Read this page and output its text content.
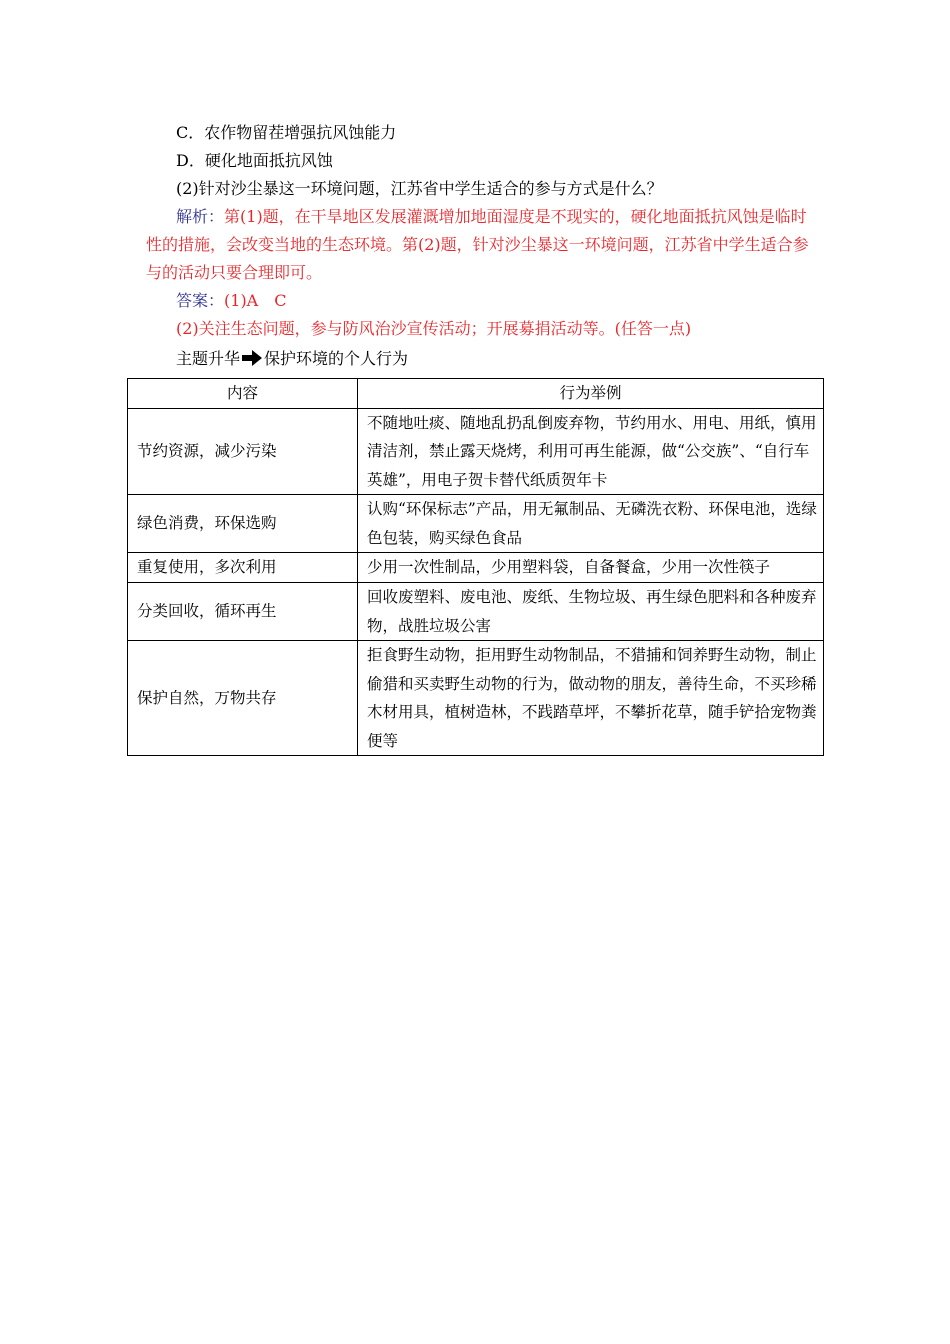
C．农作物留茬增强抗风蚀能力
D．硬化地面抵抗风蚀
(2)针对沙尘暴这一环境问题，江苏省中学生适合的参与方式是什么？
解析：第(1)题，在干旱地区发展灌溉增加地面湿度是不现实的，硬化地面抵抗风蚀是临时性的措施，会改变当地的生态环境。第(2)题，针对沙尘暴这一环境问题，江苏省中学生适合参与的活动只要合理即可。
答案：(1)A　C
(2)关注生态问题，参与防风治沙宣传活动；开展募捐活动等。(任答一点)
主题升华 保护环境的个人行为
内容	行为举例
节约资源，减少污染	不随地吐痰、随地乱扔乱倒废弃物，节约用水、用电、用纸，慎用清洁剂，禁止露天烧烤，利用可再生能源，做“公交族”、“自行车英雄”，用电子贺卡替代纸质贺年卡
绿色消费，环保选购	认购“环保标志”产品，用无氟制品、无磷洗衣粉、环保电池，选绿色包装，购买绿色食品
重复使用，多次利用	少用一次性制品，少用塑料袋，自备餐盒，少用一次性筷子
分类回收，循环再生	回收废塑料、废电池、废纸、生物垃圾、再生绿色肥料和各种废弃物，战胜垃圾公害
保护自然，万物共存	拒食野生动物，拒用野生动物制品，不猎捕和饲养野生动物，制止偷猎和买卖野生动物的行为，做动物的朋友，善待生命，不买珍稀木材用具，植树造林，不践踏草坪，不攀折花草，随手铲拾宠物粪便等
